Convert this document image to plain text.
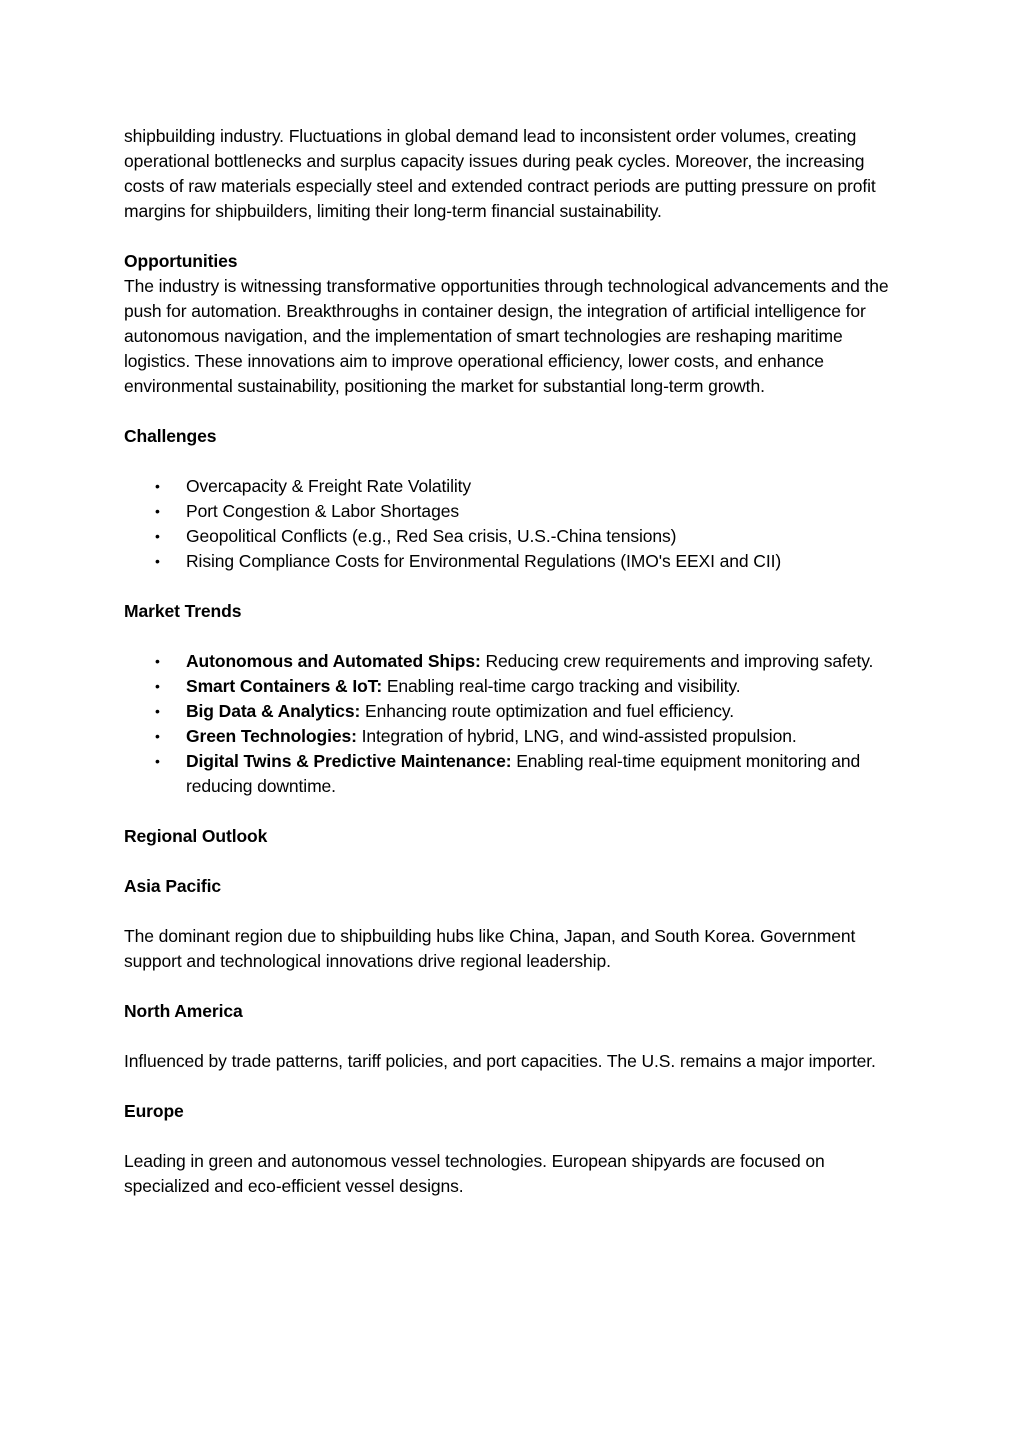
shipbuilding industry. Fluctuations in global demand lead to inconsistent order volumes, creating operational bottlenecks and surplus capacity issues during peak cycles. Moreover, the increasing costs of raw materials especially steel and extended contract periods are putting pressure on profit margins for shipbuilders, limiting their long-term financial sustainability.

Opportunities

The industry is witnessing transformative opportunities through technological advancements and the push for automation. Breakthroughs in container design, the integration of artificial intelligence for autonomous navigation, and the implementation of smart technologies are reshaping maritime logistics. These innovations aim to improve operational efficiency, lower costs, and enhance environmental sustainability, positioning the market for substantial long-term growth.

Challenges
• Overcapacity & Freight Rate Volatility
• Port Congestion & Labor Shortages
• Geopolitical Conflicts (e.g., Red Sea crisis, U.S.-China tensions)
• Rising Compliance Costs for Environmental Regulations (IMO's EEXI and CII)
Market Trends
• Autonomous and Automated Ships: Reducing crew requirements and improving safety.
• Smart Containers & IoT: Enabling real-time cargo tracking and visibility.
• Big Data & Analytics: Enhancing route optimization and fuel efficiency.
• Green Technologies: Integration of hybrid, LNG, and wind-assisted propulsion.
• Digital Twins & Predictive Maintenance: Enabling real-time equipment monitoring and reducing downtime.
Regional Outlook
Asia Pacific

The dominant region due to shipbuilding hubs like China, Japan, and South Korea. Government support and technological innovations drive regional leadership.

North America

Influenced by trade patterns, tariff policies, and port capacities. The U.S. remains a major importer.

Europe

Leading in green and autonomous vessel technologies. European shipyards are focused on specialized and eco-efficient vessel designs.
